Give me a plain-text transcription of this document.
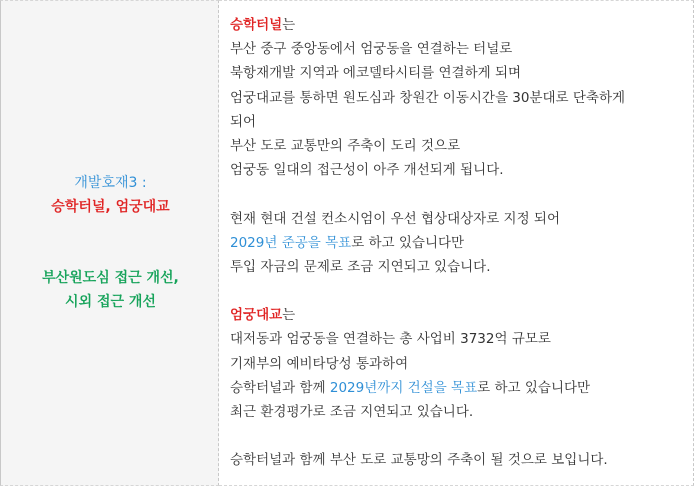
개발호재3 :
승학터널, 엄궁대교
부산원도심 접근 개선,
시외 접근 개선
승학터널는
부산 중구 중앙동에서 엄궁동을 연결하는 터널로
북항재개발 지역과 에코델타시티를 연결하게 되며
엄궁대교를 통하면 원도심과 창원간 이동시간을 30분대로 단축하게
되어
부산 도로 교통만의 주축이 도리 것으로
엄궁동 일대의 접근성이 아주 개선되게 됩니다.
현재 현대 건설 컨소시엄이 우선 협상대상자로 지정 되어
2029년 준공을 목표로 하고 있습니다만
투입 자금의 문제로 조금 지연되고 있습니다.
엄궁대교는
대저동과 엄궁동을 연결하는 총 사업비 3732억 규모로
기재부의 예비타당성 통과하여
승학터널과 함께 2029년까지 건설을 목표로 하고 있습니다만
최근 환경평가로 조금 지연되고 있습니다.
승학터널과 함께 부산 도로 교통망의 주축이 될 것으로 보입니다.
